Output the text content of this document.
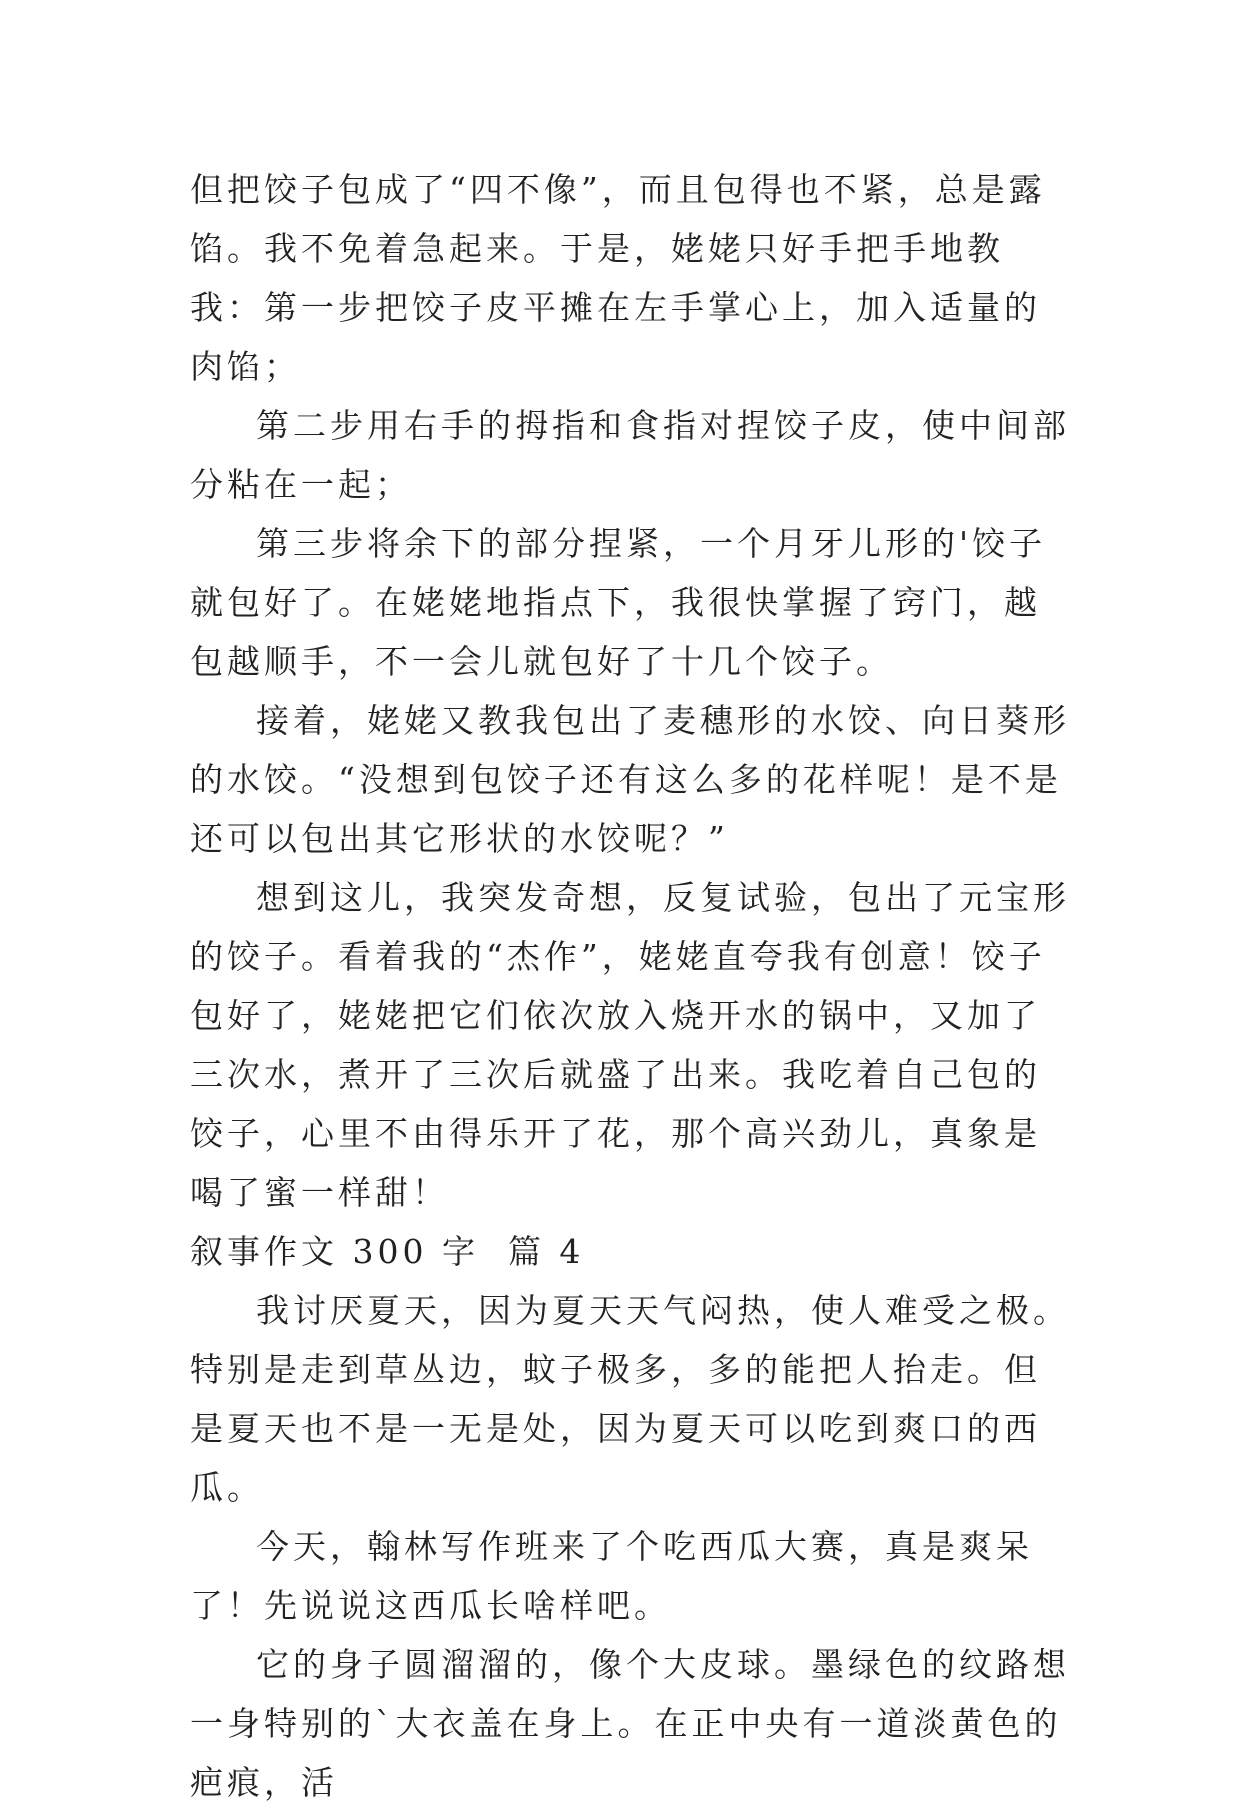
但把饺子包成了“四不像”，而且包得也不紧，总是露馅。我不免着急起来。于是，姥姥只好手把手地教我：第一步把饺子皮平摊在左手掌心上，加入适量的肉馅；

第二步用右手的拇指和食指对捏饺子皮，使中间部分粘在一起；

第三步将余下的部分捏紧，一个月牙儿形的'饺子就包好了。在姥姥地指点下，我很快掌握了窍门，越包越顺手，不一会儿就包好了十几个饺子。

接着，姥姥又教我包出了麦穗形的水饺、向日葵形的水饺。“没想到包饺子还有这么多的花样呢！是不是还可以包出其它形状的水饺呢？”

想到这儿，我突发奇想，反复试验，包出了元宝形的饺子。看着我的“杰作”，姥姥直夸我有创意！饺子包好了，姥姥把它们依次放入烧开水的锅中，又加了三次水，煮开了三次后就盛了出来。我吃着自己包的饺子，心里不由得乐开了花，那个高兴劲儿，真象是喝了蜜一样甜！

叙事作文 300 字  篇 4

我讨厌夏天，因为夏天天气闷热，使人难受之极。特别是走到草丛边，蚊子极多，多的能把人抬走。但是夏天也不是一无是处，因为夏天可以吃到爽口的西瓜。

今天，翰林写作班来了个吃西瓜大赛，真是爽呆了！先说说这西瓜长啥样吧。

它的身子圆溜溜的，像个大皮球。墨绿色的纹路想一身特别的`大衣盖在身上。在正中央有一道淡黄色的疤痕，活
